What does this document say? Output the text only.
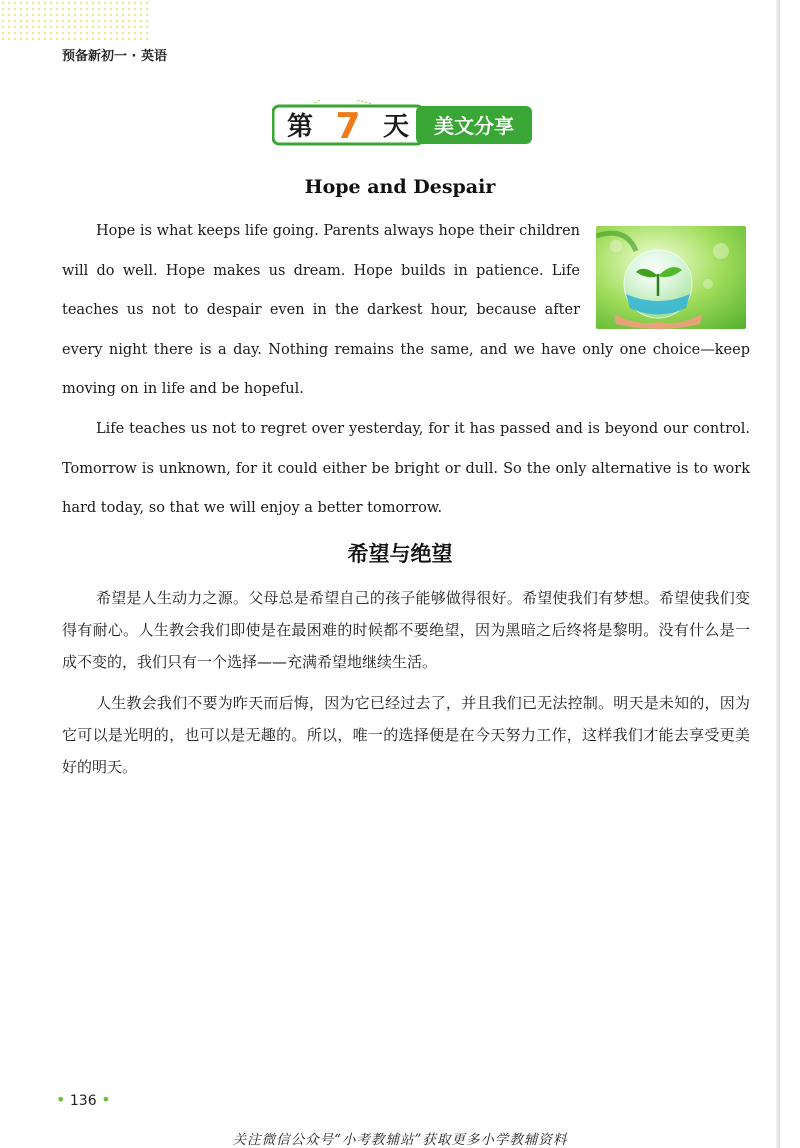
预备新初一 · 英语
第 7 天 美文分享
Hope and Despair

Hope is what keeps life going. Parents always hope their children will do well. Hope makes us dream. Hope builds in patience. Life teaches us not to despair even in the darkest hour, because after every night there is a day. Nothing remains the same, and we have only one choice—keep moving on in life and be hopeful.

Life teaches us not to regret over yesterday, for it has passed and is beyond our control. Tomorrow is unknown, for it could either be bright or dull. So the only alternative is to work hard today, so that we will enjoy a better tomorrow.

希望与绝望

希望是人生动力之源。父母总是希望自己的孩子能够做得很好。希望使我们有梦想。希望使我们变得有耐心。人生教会我们即使是在最困难的时候都不要绝望，因为黑暗之后终将是黎明。没有什么是一成不变的，我们只有一个选择——充满希望地继续生活。

人生教会我们不要为昨天而后悔，因为它已经过去了，并且我们已无法控制。明天是未知的，因为它可以是光明的，也可以是无趣的。所以，唯一的选择便是在今天努力工作，这样我们才能去享受更美好的明天。

• 136 •
关注微信公众号“小考教辅站”获取更多小学教辅资料
